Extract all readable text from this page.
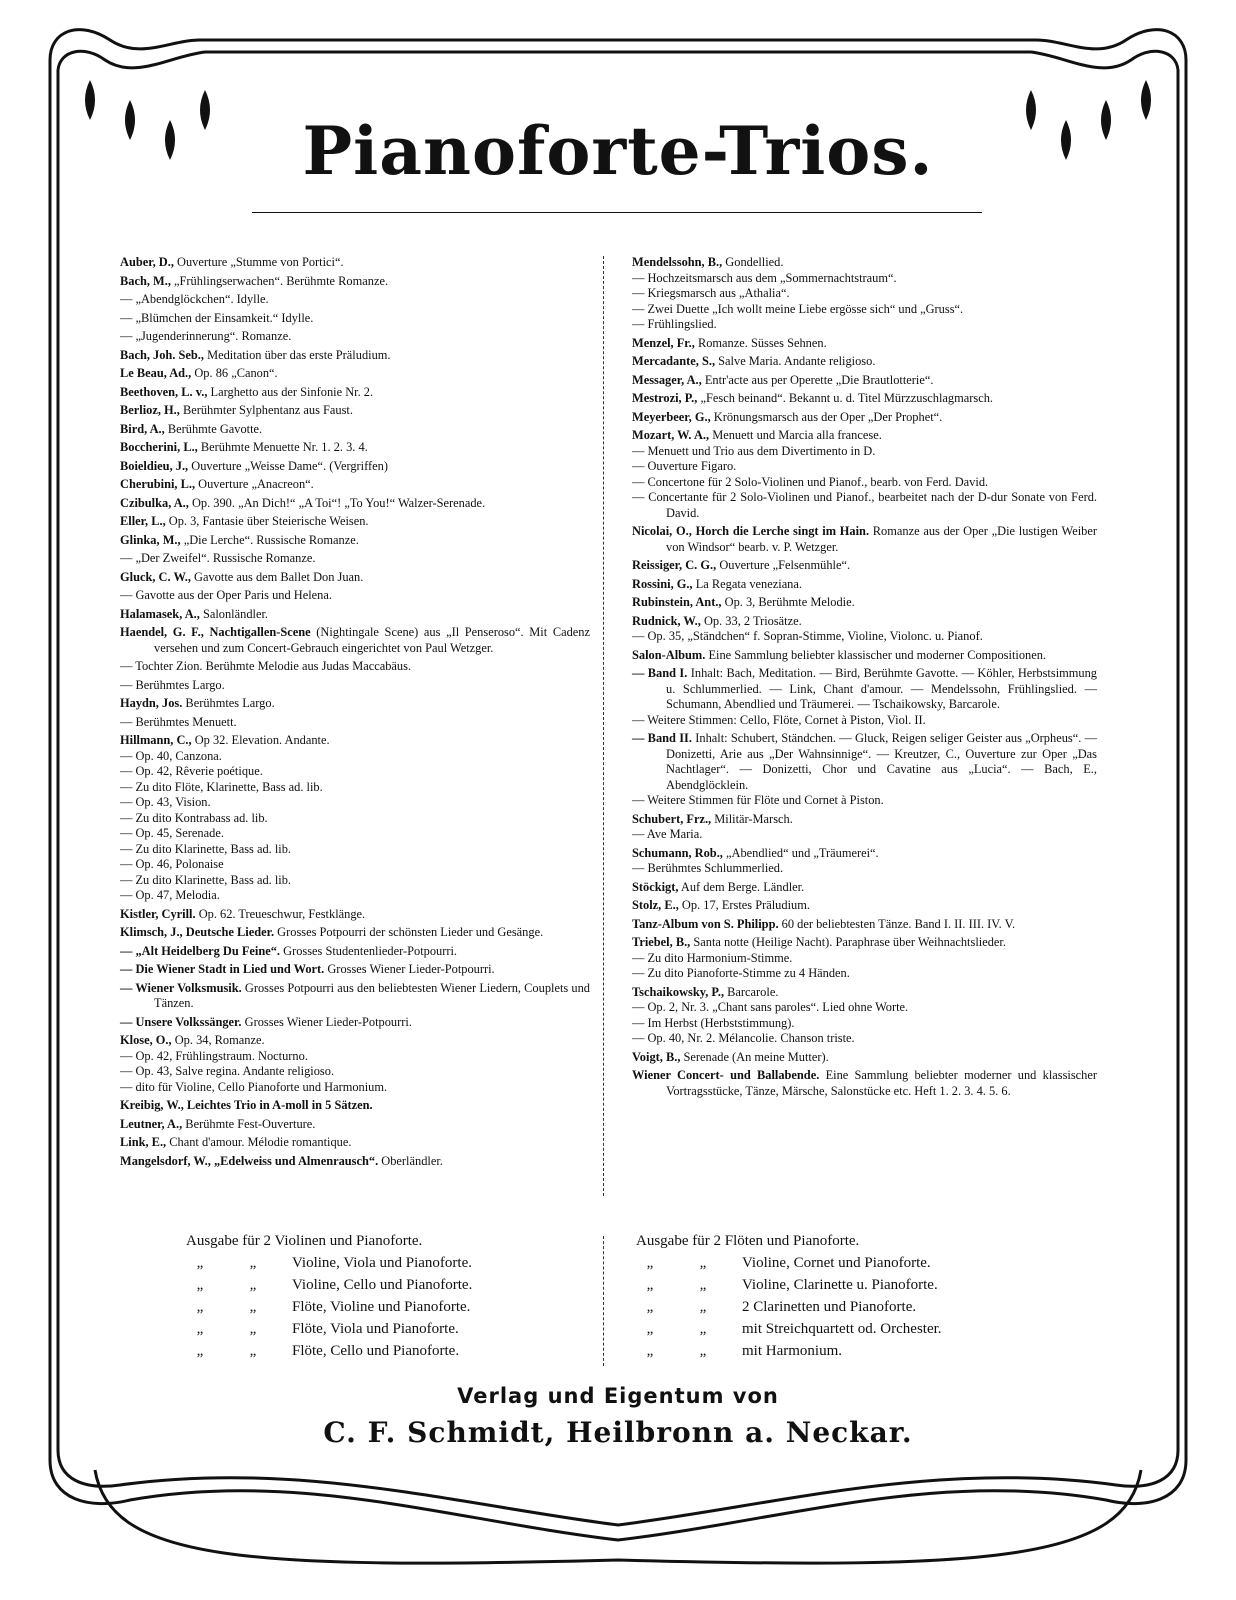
Pianoforte-Trios.
Auber, D., Ouverture „Stumme von Portici“.
Bach, M., „Frühlingserwachen“. Berühmte Romanze.
— „Abendglöckchen“. Idylle.
— „Blümchen der Einsamkeit.“ Idylle.
— „Jugenderinnerung“. Romanze.
Bach, Joh. Seb., Meditation über das erste Präludium.
Le Beau, Ad., Op. 86 „Canon“.
Beethoven, L. v., Larghetto aus der Sinfonie Nr. 2.
Berlioz, H., Berühmter Sylphentanz aus Faust.
Bird, A., Berühmte Gavotte.
Boccherini, L., Berühmte Menuette Nr. 1. 2. 3. 4.
Boieldieu, J., Ouverture „Weisse Dame“. (Vergriffen)
Cherubini, L., Ouverture „Anacreon“.
Czibulka, A., Op. 390. „An Dich!“ „A Toi“! „To You!“ Walzer-Serenade.
Eller, L., Op. 3, Fantasie über Steierische Weisen.
Glinka, M., „Die Lerche“. Russische Romanze.
— „Der Zweifel“. Russische Romanze.
Gluck, C. W., Gavotte aus dem Ballet Don Juan.
— Gavotte aus der Oper Paris und Helena.
Halamasek, A., Salonländler.
Haendel, G. F., Nachtigallen-Scene (Nightingale Scene) aus „Il Penseroso“. Mit Cadenz versehen und zum Concert-Gebrauch eingerichtet von Paul Wetzger.
— Tochter Zion. Berühmte Melodie aus Judas Maccabäus.
— Berühmtes Largo.
Haydn, Jos. Berühmtes Largo.
— Berühmtes Menuett.
Hillmann, C., Op 32. Elevation. Andante.
— Op. 40, Canzona.
— Op. 42, Rêverie poétique.
— Zu dito Flöte, Klarinette, Bass ad. lib.
— Op. 43, Vision.
— Zu dito Kontrabass ad. lib.
— Op. 45, Serenade.
— Zu dito Klarinette, Bass ad. lib.
— Op. 46, Polonaise
— Zu dito Klarinette, Bass ad. lib.
— Op. 47, Melodia.
Kistler, Cyrill. Op. 62. Treueschwur, Festklänge.
Klimsch, J., Deutsche Lieder. Grosses Potpourri der schönsten Lieder und Gesänge.
— „Alt Heidelberg Du Feine“. Grosses Studentenlieder-Potpourri.
— Die Wiener Stadt in Lied und Wort. Grosses Wiener Lieder-Potpourri.
— Wiener Volksmusik. Grosses Potpourri aus den beliebtesten Wiener Liedern, Couplets und Tänzen.
— Unsere Volkssänger. Grosses Wiener Lieder-Potpourri.
Klose, O., Op. 34, Romanze.
— Op. 42, Frühlingstraum. Nocturno.
— Op. 43, Salve regina. Andante religioso.
— dito für Violine, Cello Pianoforte und Harmonium.
Kreibig, W., Leichtes Trio in A-moll in 5 Sätzen.
Leutner, A., Berühmte Fest-Ouverture.
Link, E., Chant d'amour. Mélodie romantique.
Mangelsdorf, W., „Edelweiss und Almenrausch“. Oberländler.
Mendelssohn, B., Gondellied.
— Hochzeitsmarsch aus dem „Sommernachtstraum“.
— Kriegsmarsch aus „Athalia“.
— Zwei Duette „Ich wollt meine Liebe ergösse sich“ und „Gruss“.
— Frühlingslied.
Menzel, Fr., Romanze. Süsses Sehnen.
Mercadante, S., Salve Maria. Andante religioso.
Messager, A., Entr'acte aus per Operette „Die Brautlotterie“.
Mestrozi, P., „Fesch beinand“. Bekannt u. d. Titel Mürzzuschlagmarsch.
Meyerbeer, G., Krönungsmarsch aus der Oper „Der Prophet“.
Mozart, W. A., Menuett und Marcia alla francese.
— Menuett und Trio aus dem Divertimento in D.
— Ouverture Figaro.
— Concertone für 2 Solo-Violinen und Pianof., bearb. von Ferd. David.
— Concertante für 2 Solo-Violinen und Pianof., bearbeitet nach der D-dur Sonate von Ferd. David.
Nicolai, O., Horch die Lerche singt im Hain. Romanze aus der Oper „Die lustigen Weiber von Windsor“ bearb. v. P. Wetzger.
Reissiger, C. G., Ouverture „Felsenmühle“.
Rossini, G., La Regata veneziana.
Rubinstein, Ant., Op. 3, Berühmte Melodie.
Rudnick, W., Op. 33, 2 Triosätze.
— Op. 35, „Ständchen“ f. Sopran-Stimme, Violine, Violonc. u. Pianof.
Salon-Album. Eine Sammlung beliebter klassischer und moderner Compositionen.
— Band I. Inhalt: Bach, Meditation. — Bird, Berühmte Gavotte. — Köhler, Herbstsimmung u. Schlummerlied. — Link, Chant d'amour. — Mendelssohn, Frühlingslied. — Schumann, Abendlied und Träumerei. — Tschaikowsky, Barcarole.
— Weitere Stimmen: Cello, Flöte, Cornet à Piston, Viol. II.
— Band II. Inhalt: Schubert, Ständchen. — Gluck, Reigen seliger Geister aus „Orpheus“. — Donizetti, Arie aus „Der Wahnsinnige“. — Kreutzer, C., Ouverture zur Oper „Das Nachtlager“. — Donizetti, Chor und Cavatine aus „Lucia“. — Bach, E., Abendglöcklein.
— Weitere Stimmen für Flöte und Cornet à Piston.
Schubert, Frz., Militär-Marsch.
— Ave Maria.
Schumann, Rob., „Abendlied“ und „Träumerei“.
— Berühmtes Schlummerlied.
Stöckigt, Auf dem Berge. Ländler.
Stolz, E., Op. 17, Erstes Präludium.
Tanz-Album von S. Philipp. 60 der beliebtesten Tänze. Band I. II. III. IV. V.
Triebel, B., Santa notte (Heilige Nacht). Paraphrase über Weihnachtslieder.
— Zu dito Harmonium-Stimme.
— Zu dito Pianoforte-Stimme zu 4 Händen.
Tschaikowsky, P., Barcarole.
— Op. 2, Nr. 3. „Chant sans paroles“. Lied ohne Worte.
— Im Herbst (Herbststimmung).
— Op. 40, Nr. 2. Mélancolie. Chanson triste.
Voigt, B., Serenade (An meine Mutter).
Wiener Concert- und Ballabende. Eine Sammlung beliebter moderner und klassischer Vortragsstücke, Tänze, Märsche, Salonstücke etc. Heft 1. 2. 3. 4. 5. 6.
Ausgabe für 2 Violinen und Pianoforte.
„	„ Violine, Viola und Pianoforte.
„	„ Violine, Cello und Pianoforte.
„	„ Flöte, Violine und Pianoforte.
„	„ Flöte, Viola und Pianoforte.
„	„ Flöte, Cello und Pianoforte.
Ausgabe für 2 Flöten und Pianoforte.
„	„ Violine, Cornet und Pianoforte.
„	„ Violine, Clarinette u. Pianoforte.
„	„ 2 Clarinetten und Pianoforte.
„	„ mit Streichquartett od. Orchester.
„	„ mit Harmonium.
Verlag und Eigentum von
C. F. Schmidt, Heilbronn a. Neckar.
